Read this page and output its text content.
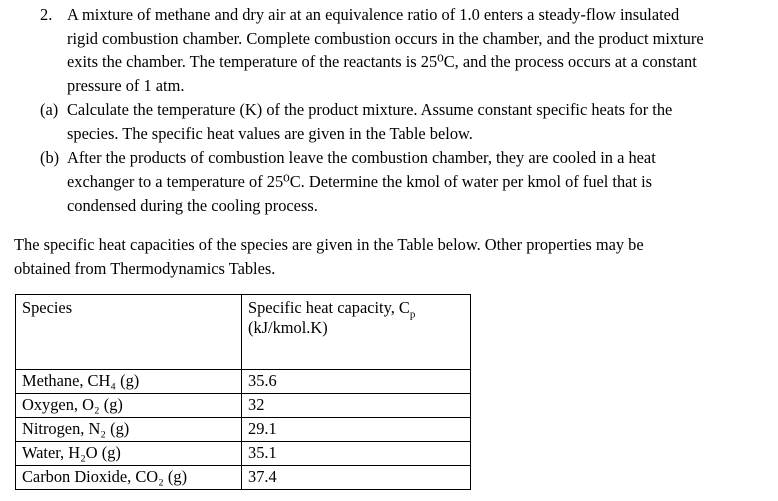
2. A mixture of methane and dry air at an equivalence ratio of 1.0 enters a steady-flow insulated
rigid combustion chamber. Complete combustion occurs in the chamber, and the product mixture
exits the chamber. The temperature of the reactants is 25⁰C, and the process occurs at a constant
pressure of 1 atm.
(a) Calculate the temperature (K) of the product mixture. Assume constant specific heats for the
species. The specific heat values are given in the Table below.
(b) After the products of combustion leave the combustion chamber, they are cooled in a heat
exchanger to a temperature of 25⁰C. Determine the kmol of water per kmol of fuel that is
condensed during the cooling process.
The specific heat capacities of the species are given in the Table below. Other properties may be
obtained from Thermodynamics Tables.
Species	Specific heat capacity, $C_p$
(kJ/kmol.K)
Methane, CH₄ (g)	35.6
Oxygen, O₂ (g)	32
Nitrogen, N₂ (g)	29.1
Water, H₂O (g)	35.1
Carbon Dioxide, CO₂ (g)	37.4
